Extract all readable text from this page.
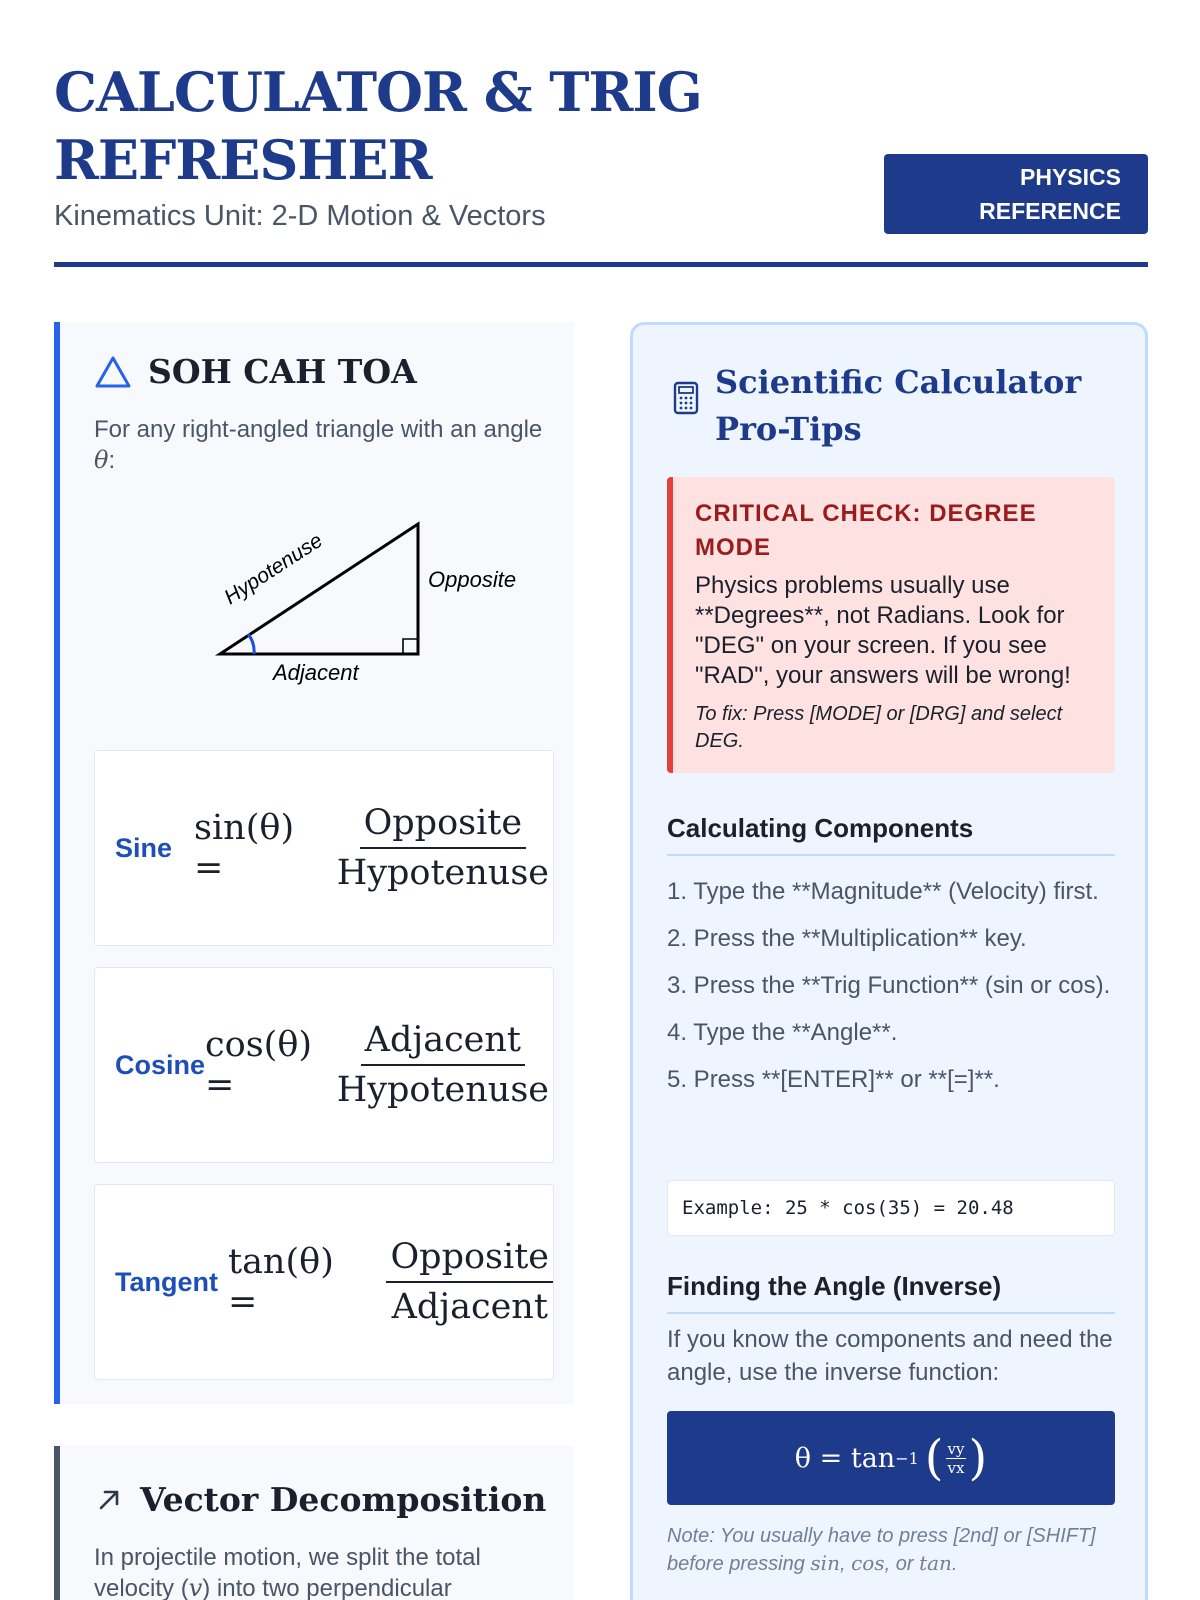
CALCULATOR & TRIG
REFRESHER
Kinematics Unit: 2-D Motion & Vectors
PHYSICS
REFERENCE
SOH CAH TOA
For any right-angled triangle with an angle θ:
Hypotenuse	Opposite
Adjacent
Sine sin(θ) =	$\frac{\text{Opposite}}{\text{Hypotenuse}}$
Cosine cos(θ) =	$\frac{\text{Adjacent}}{\text{Hypotenuse}}$
Tangent tan(θ) =	$\frac{\text{Opposite}}{\text{Adjacent}}$
Vector Decomposition
In projectile motion, we split the total velocity (v) into two perpendicular
Scientific Calculator Pro-Tips
CRITICAL CHECK: DEGREE MODE
Physics problems usually use **Degrees**, not Radians. Look for "DEG" on your screen. If you see "RAD", your answers will be wrong!
To fix: Press [MODE] or [DRG] and select DEG.
Calculating Components
1. Type the **Magnitude** (Velocity) first.
2. Press the **Multiplication** key.
3. Press the **Trig Function** (sin or cos).
4. Type the **Angle**.
5. Press **[ENTER]** or **[=]**.
Example: 25 * cos(35) = 20.48
Finding the Angle (Inverse)
If you know the components and need the angle, use the inverse function:
θ = tan −1 ( $\frac{vy}{vx}$ )
Note: You usually have to press [2nd] or [SHIFT] before pressing sin, cos, or tan.
